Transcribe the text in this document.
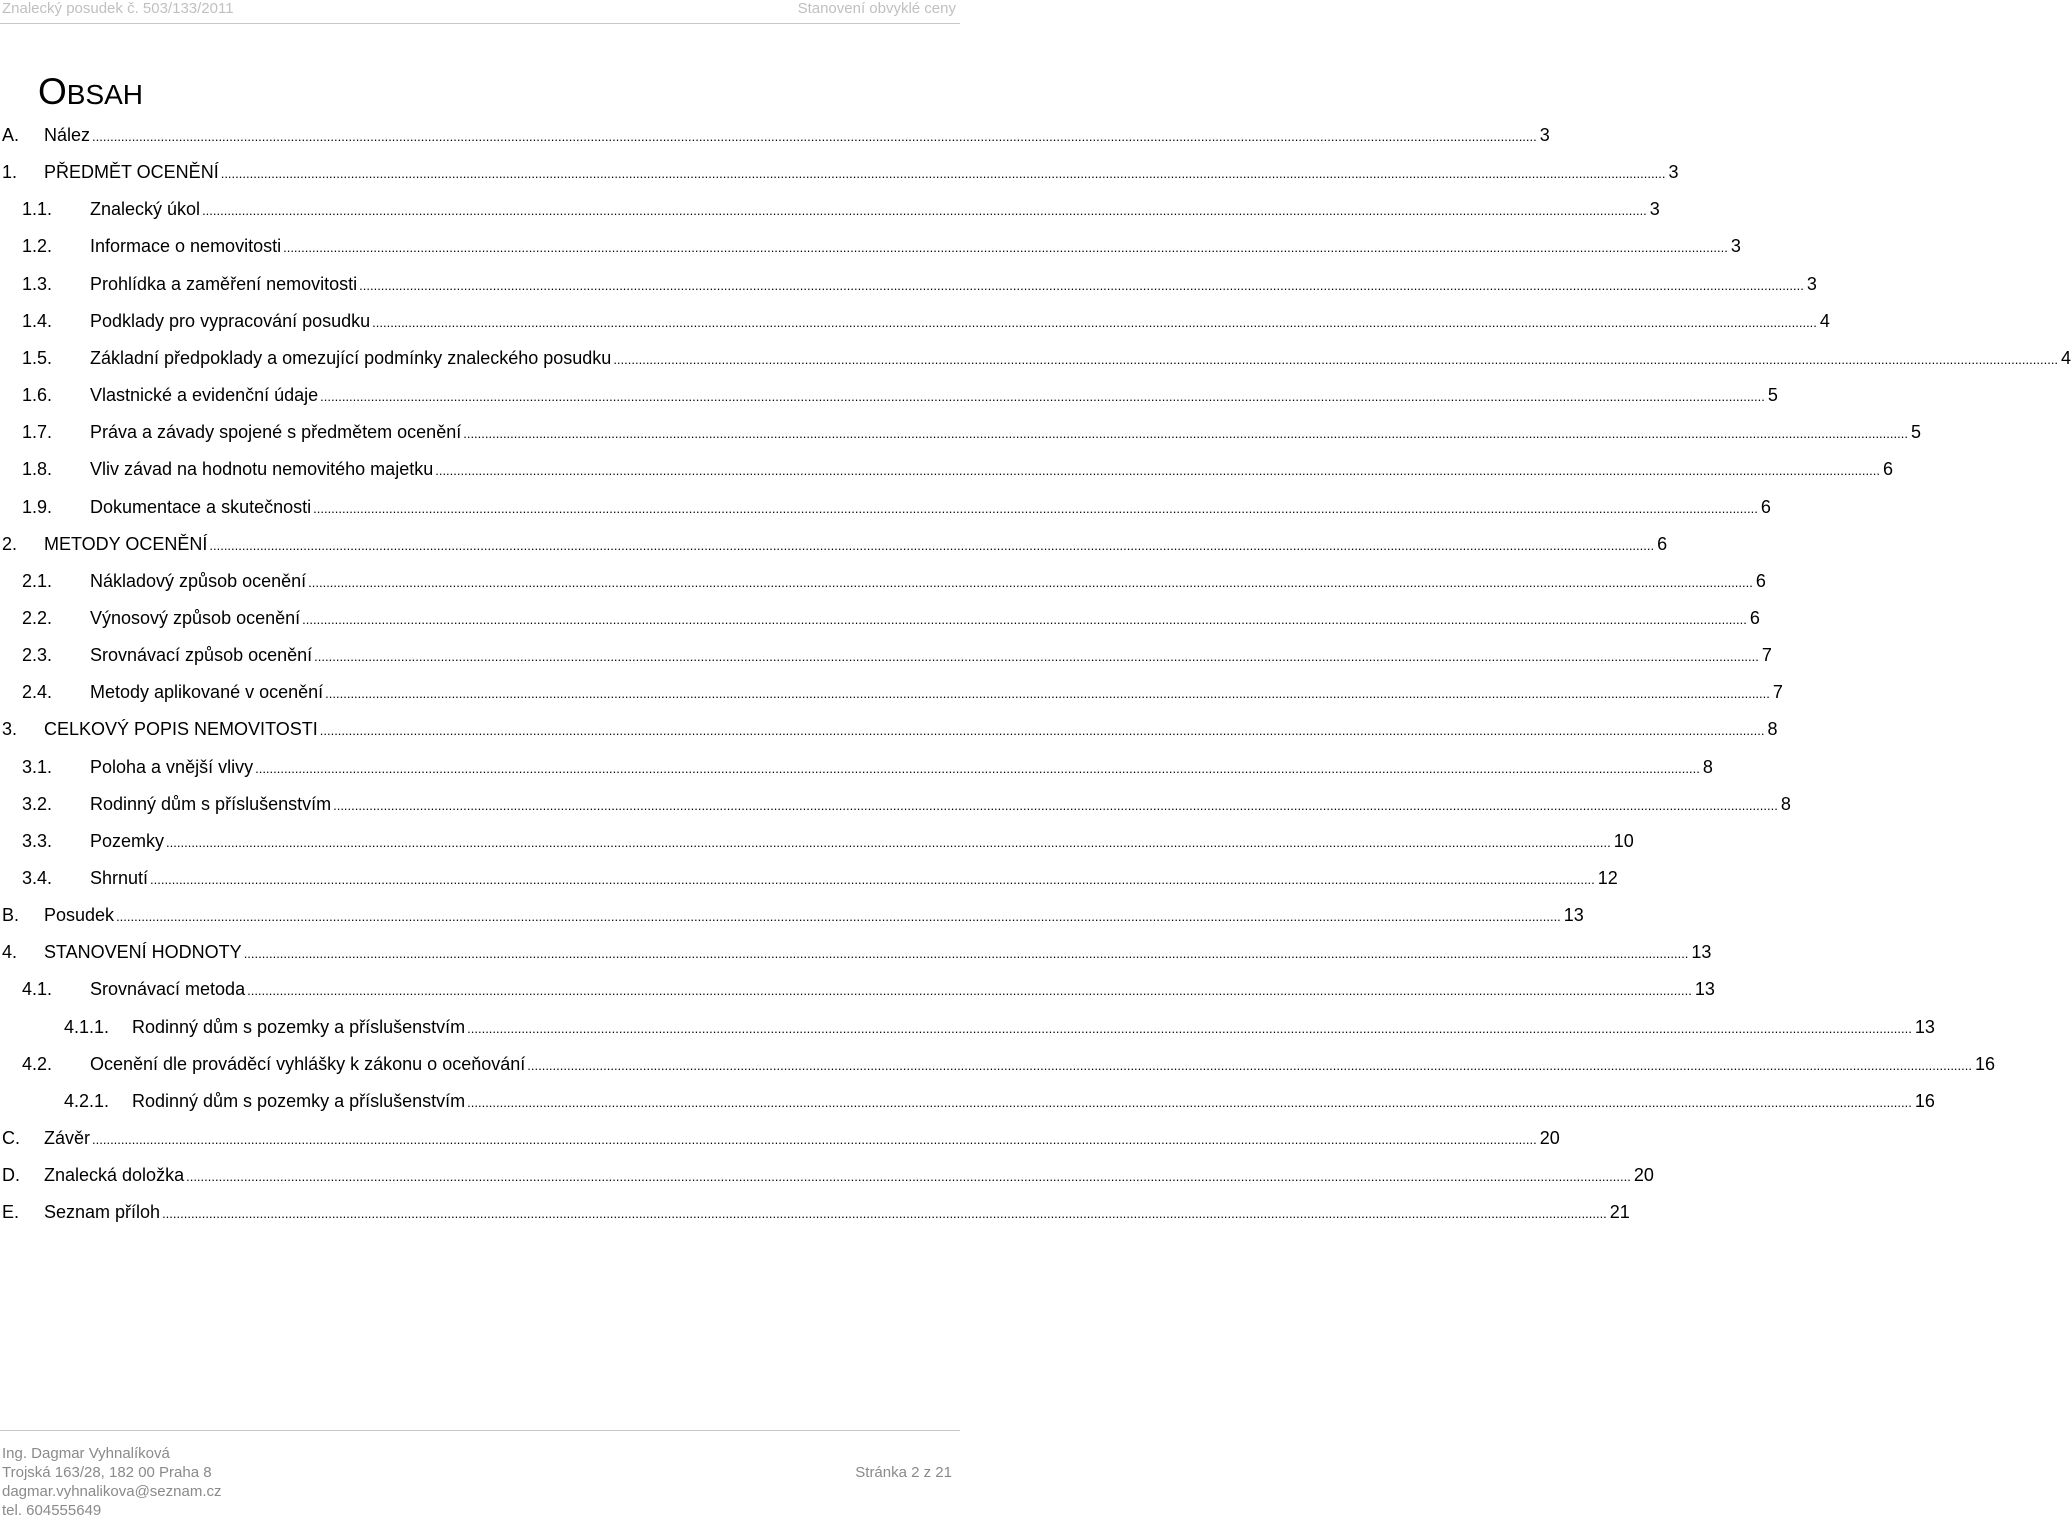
Znalecký posudek č. 503/133/2011	Stanovení obvyklé ceny
OBSAH
A. Nález ................................................................................................................................................................................................................................................................................................................................................................................................................ 3
1. PŘEDMĚT OCENĚNÍ ................................................................................................................................................................................................................................................................................................................................................................................................................ 3
1.1. Znalecký úkol ................................................................................................................................................................................................................................................................................................................................................................................................................ 3
1.2. Informace o nemovitosti ................................................................................................................................................................................................................................................................................................................................................................................................................ 3
1.3. Prohlídka a zaměření nemovitosti ................................................................................................................................................................................................................................................................................................................................................................................................................ 3
1.4. Podklady pro vypracování posudku ................................................................................................................................................................................................................................................................................................................................................................................................................ 4
1.5. Základní předpoklady a omezující podmínky znaleckého posudku ................................................................................................................................................................................................................................................................................................................................................................................................................ 4
1.6. Vlastnické a evidenční údaje ................................................................................................................................................................................................................................................................................................................................................................................................................ 5
1.7. Práva a závady spojené s předmětem ocenění ................................................................................................................................................................................................................................................................................................................................................................................................................ 5
1.8. Vliv závad na hodnotu nemovitého majetku ................................................................................................................................................................................................................................................................................................................................................................................................................ 6
1.9. Dokumentace a skutečnosti ................................................................................................................................................................................................................................................................................................................................................................................................................ 6
2. METODY OCENĚNÍ ................................................................................................................................................................................................................................................................................................................................................................................................................ 6
2.1. Nákladový způsob ocenění ................................................................................................................................................................................................................................................................................................................................................................................................................ 6
2.2. Výnosový způsob ocenění ................................................................................................................................................................................................................................................................................................................................................................................................................ 6
2.3. Srovnávací způsob ocenění ................................................................................................................................................................................................................................................................................................................................................................................................................ 7
2.4. Metody aplikované v ocenění ................................................................................................................................................................................................................................................................................................................................................................................................................ 7
3. CELKOVÝ POPIS NEMOVITOSTI ................................................................................................................................................................................................................................................................................................................................................................................................................ 8
3.1. Poloha a vnější vlivy ................................................................................................................................................................................................................................................................................................................................................................................................................ 8
3.2. Rodinný dům s příslušenstvím ................................................................................................................................................................................................................................................................................................................................................................................................................ 8
3.3. Pozemky ................................................................................................................................................................................................................................................................................................................................................................................................................ 10
3.4. Shrnutí ................................................................................................................................................................................................................................................................................................................................................................................................................ 12
B. Posudek ................................................................................................................................................................................................................................................................................................................................................................................................................ 13
4. STANOVENÍ HODNOTY ................................................................................................................................................................................................................................................................................................................................................................................................................ 13
4.1. Srovnávací metoda ................................................................................................................................................................................................................................................................................................................................................................................................................ 13
4.1.1. Rodinný dům s pozemky a příslušenstvím ................................................................................................................................................................................................................................................................................................................................................................................................................ 13
4.2. Ocenění dle prováděcí vyhlášky k zákonu o oceňování ................................................................................................................................................................................................................................................................................................................................................................................................................ 16
4.2.1. Rodinný dům s pozemky a příslušenstvím ................................................................................................................................................................................................................................................................................................................................................................................................................ 16
C. Závěr ................................................................................................................................................................................................................................................................................................................................................................................................................ 20
D. Znalecká doložka ................................................................................................................................................................................................................................................................................................................................................................................................................ 20
E. Seznam příloh ................................................................................................................................................................................................................................................................................................................................................................................................................ 21
Ing. Dagmar Vyhnalíková
Trojská 163/28, 182 00 Praha 8
dagmar.vyhnalikova@seznam.cz
tel. 604555649
Stránka 2 z 21
